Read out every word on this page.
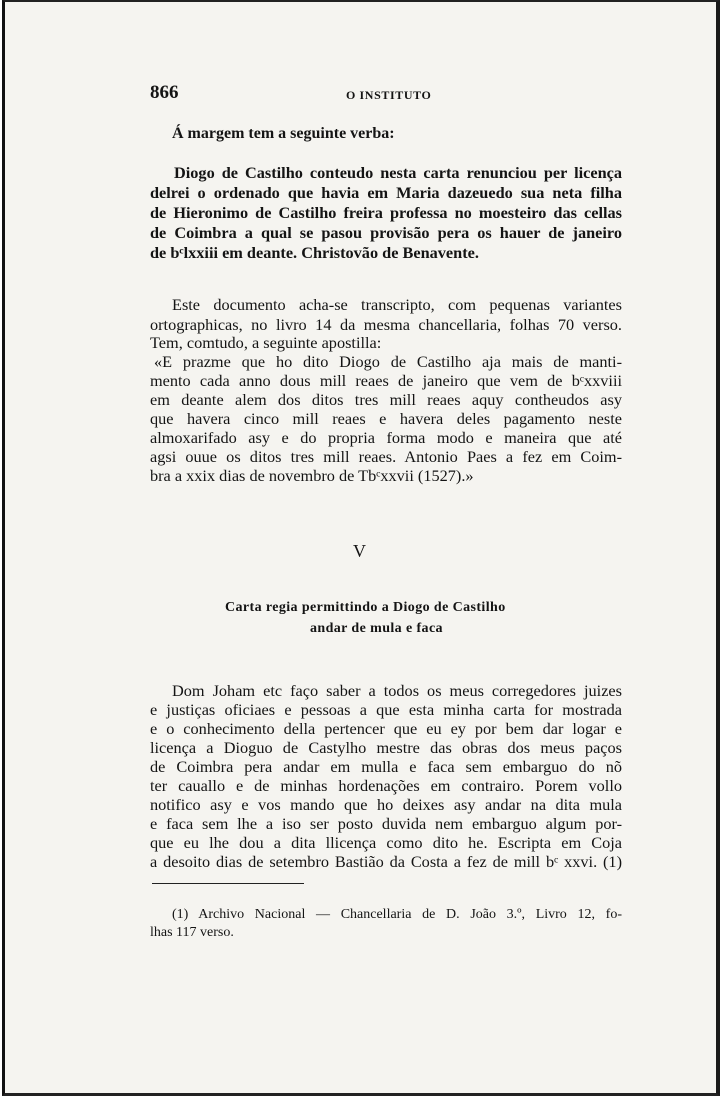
866	O INSTITUTO
Á margem tem a seguinte verba:
Diogo de Castilho conteudo nesta carta renunciou per licença
delrei o ordenado que havia em Maria dazeuedo sua neta filha
de Hieronimo de Castilho freira professa no moesteiro das cellas
de Coimbra a qual se pasou provisão pera os hauer de janeiro
de bᶜlxxiii em deante. Christovão de Benavente.
Este documento acha-se transcripto, com pequenas variantes
ortographicas, no livro 14 da mesma chancellaria, folhas 70 verso.
Tem, comtudo, a seguinte apostilla:
«E prazme que ho dito Diogo de Castilho aja mais de manti-
mento cada anno dous mill reaes de janeiro que vem de bᶜxxviii
em deante alem dos ditos tres mill reaes aquy contheudos asy
que havera cinco mill reaes e havera deles pagamento neste
almoxarifado asy e do propria forma modo e maneira que até
agsi ouue os ditos tres mill reaes. Antonio Paes a fez em Coim-
bra a xxix dias de novembro de Tbᶜxxvii (1527).»
V
Carta regia permittindo a Diogo de Castilho
andar de mula e faca
Dom Joham etc faço saber a todos os meus corregedores juizes
e justiças oficiaes e pessoas a que esta minha carta for mostrada
e o conhecimento della pertencer que eu ey por bem dar logar e
licença a Dioguo de Castylho mestre das obras dos meus paços
de Coimbra pera andar em mulla e faca sem embarguo do nõ
ter cauallo e de minhas hordenações em contrairo. Porem vollo
notifico asy e vos mando que ho deixes asy andar na dita mula
e faca sem lhe a iso ser posto duvida nem embarguo algum por-
que eu lhe dou a dita llicença como dito he. Escripta em Coja
a desoito dias de setembro Bastião da Costa a fez de mill bᶜ xxvi. (1)
(1) Archivo Nacional — Chancellaria de D. João 3.º, Livro 12, fo-
lhas 117 verso.
